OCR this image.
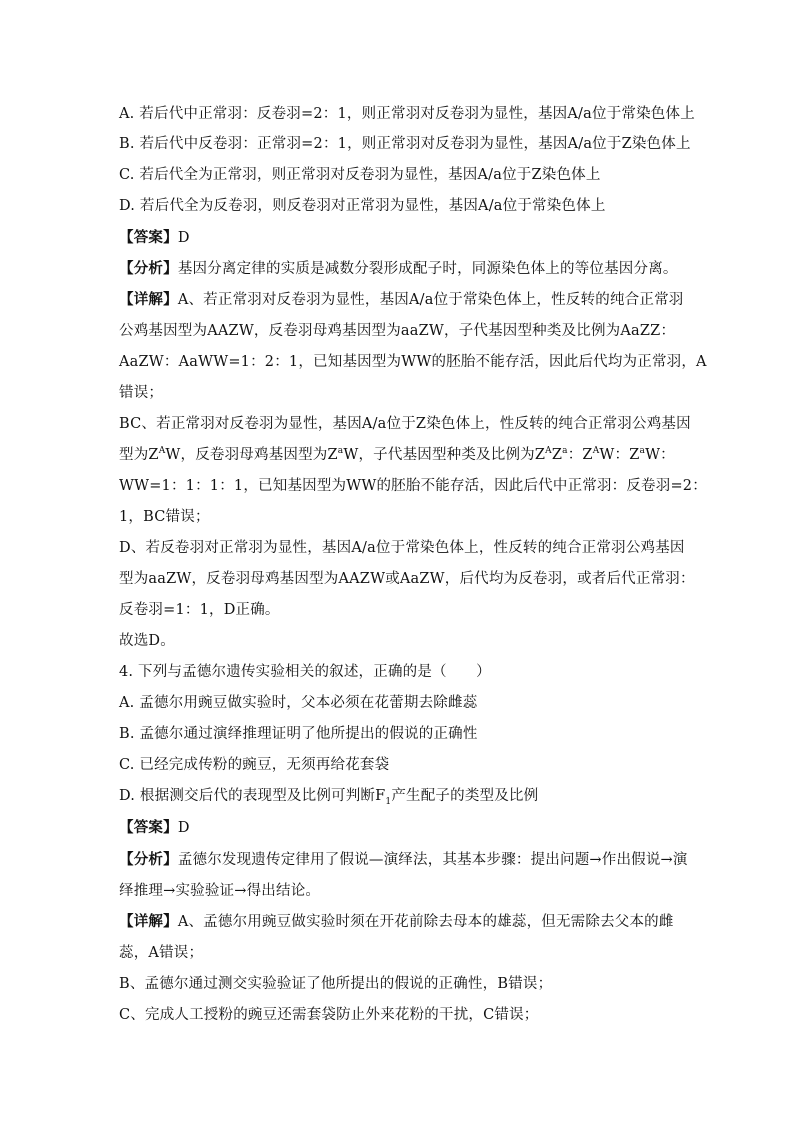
A. 若后代中正常羽：反卷羽=2：1，则正常羽对反卷羽为显性，基因A/a位于常染色体上
B. 若后代中反卷羽：正常羽=2：1，则正常羽对反卷羽为显性，基因A/a位于Z染色体上
C. 若后代全为正常羽，则正常羽对反卷羽为显性，基因A/a位于Z染色体上
D. 若后代全为反卷羽，则反卷羽对正常羽为显性，基因A/a位于常染色体上
【答案】D
【分析】基因分离定律的实质是减数分裂形成配子时，同源染色体上的等位基因分离。
【详解】A、若正常羽对反卷羽为显性，基因A/a位于常染色体上，性反转的纯合正常羽
公鸡基因型为AAZW，反卷羽母鸡基因型为aaZW，子代基因型种类及比例为AaZZ：
AaZW：AaWW=1：2：1，已知基因型为WW的胚胎不能存活，因此后代均为正常羽，A
错误；
BC、若正常羽对反卷羽为显性，基因A/a位于Z染色体上，性反转的纯合正常羽公鸡基因
型为$Z^AW$，反卷羽母鸡基因型为$Z^aW$，子代基因型种类及比例为$Z^AZ^a$：$Z^AW$：$Z^aW$：
WW=1：1：1：1，已知基因型为WW的胚胎不能存活，因此后代中正常羽：反卷羽=2：
1，BC错误；
D、若反卷羽对正常羽为显性，基因A/a位于常染色体上，性反转的纯合正常羽公鸡基因
型为aaZW，反卷羽母鸡基因型为AAZW或AaZW，后代均为反卷羽，或者后代正常羽：
反卷羽=1：1，D正确。
故选D。
4. 下列与孟德尔遗传实验相关的叙述，正确的是（　　）
A. 孟德尔用豌豆做实验时，父本必须在花蕾期去除雌蕊
B. 孟德尔通过演绎推理证明了他所提出的假说的正确性
C. 已经完成传粉的豌豆，无须再给花套袋
D. 根据测交后代的表现型及比例可判断$F_1$产生配子的类型及比例
【答案】D
【分析】孟德尔发现遗传定律用了假说—演绎法，其基本步骤：提出问题→作出假说→演
绎推理→实验验证→得出结论。
【详解】A、孟德尔用豌豆做实验时须在开花前除去母本的雄蕊，但无需除去父本的雌
蕊，A错误；
B、孟德尔通过测交实验验证了他所提出的假说的正确性，B错误；
C、完成人工授粉的豌豆还需套袋防止外来花粉的干扰，C错误；
